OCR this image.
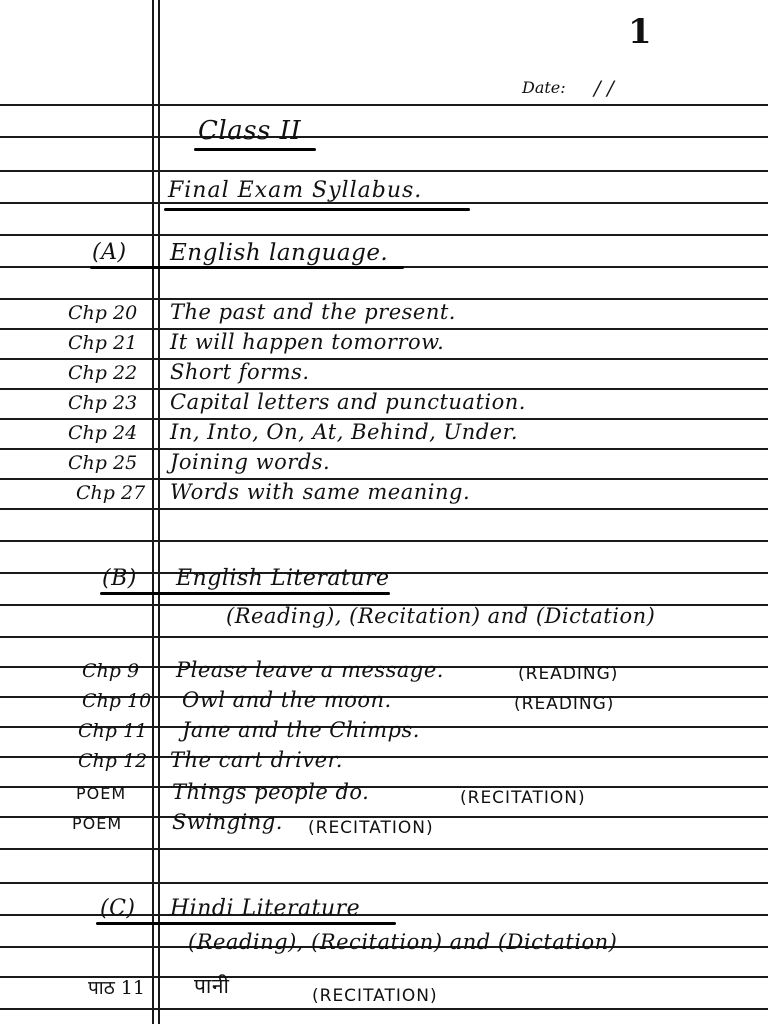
1
Date: / /
Class II
Final Exam Syllabus.
(A) English language.
Chp 20 The past and the present.
Chp 21 It will happen tomorrow.
Chp 22 Short forms.
Chp 23 Capital letters and punctuation.
Chp 24 In, Into, On, At, Behind, Under.
Chp 25 Joining words.
Chp 27 Words with same meaning.
(B) English Literature
(Reading), (Recitation) and (Dictation)
Chp 9 Please leave a message.	(READING)
Chp 10 Owl and the moon.	(READING)
Chp 11 Jane and the Chimps.
Chp 12 The cart driver.
POEM Things people do.	(RECITATION)
POEM Swinging. (RECITATION)
(C) Hindi Literature
(Reading), (Recitation) and (Dictation)
पाठ 11 पानी	(RECITATION)
